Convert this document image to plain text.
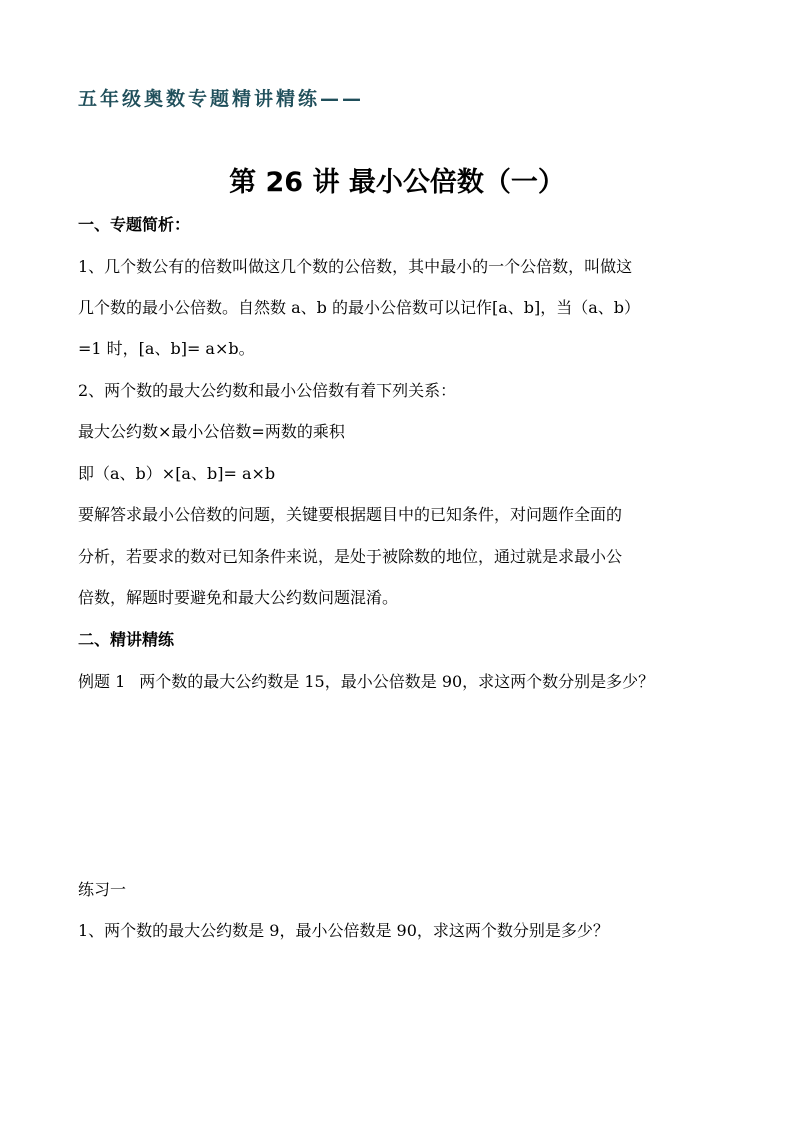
五年级奥数专题精讲精练——
第 26 讲 最小公倍数（一）
一、专题简析：
1、几个数公有的倍数叫做这几个数的公倍数，其中最小的一个公倍数，叫做这
几个数的最小公倍数。自然数 a、b 的最小公倍数可以记作[a、b]，当（a、b）
=1 时，[a、b]= a×b。
2、两个数的最大公约数和最小公倍数有着下列关系：
最大公约数×最小公倍数=两数的乘积
即（a、b）×[a、b]= a×b
要解答求最小公倍数的问题，关键要根据题目中的已知条件，对问题作全面的
分析，若要求的数对已知条件来说，是处于被除数的地位，通过就是求最小公
倍数，解题时要避免和最大公约数问题混淆。
二、精讲精练
例题 1 两个数的最大公约数是 15，最小公倍数是 90，求这两个数分别是多少？
练习一
1、两个数的最大公约数是 9，最小公倍数是 90，求这两个数分别是多少？
